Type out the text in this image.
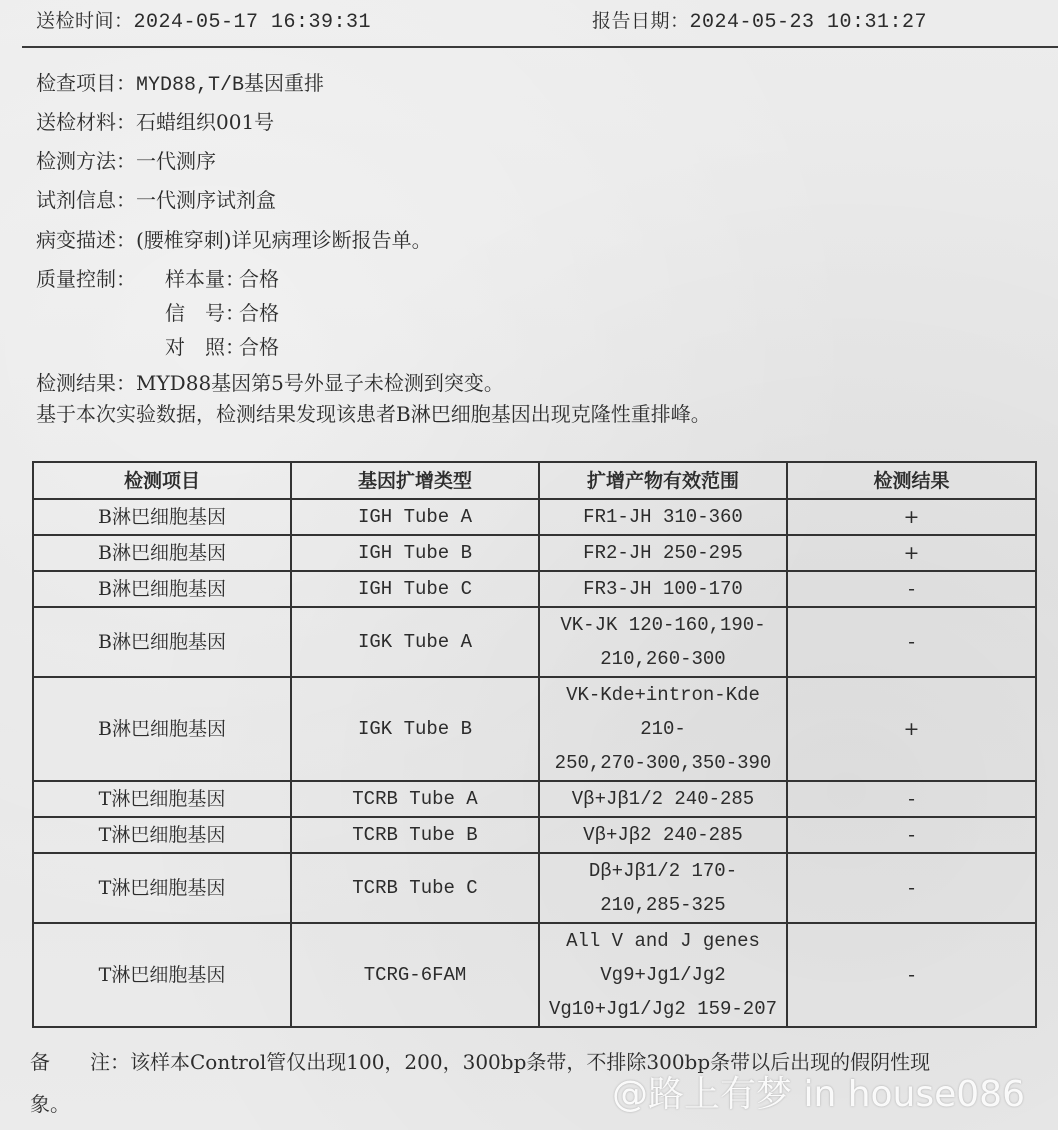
送检时间：2024-05-17 16:39:31	报告日期：2024-05-23 10:31:27
检查项目：MYD88,T/B基因重排
送检材料：石蜡组织001号
检测方法：一代测序
试剂信息：一代测序试剂盒
病变描述：(腰椎穿刺)详见病理诊断报告单。
质量控制： 样本量：合格
信　号：合格
对　照：合格
检测结果：MYD88基因第5号外显子未检测到突变。
基于本次实验数据，检测结果发现该患者B淋巴细胞基因出现克隆性重排峰。
检测项目	基因扩增类型	扩增产物有效范围	检测结果
B淋巴细胞基因	IGH Tube A	FR1-JH 310-360	+
B淋巴细胞基因	IGH Tube B	FR2-JH 250-295	+
B淋巴细胞基因	IGH Tube C	FR3-JH 100-170	-
B淋巴细胞基因	IGK Tube A	VK-JK 120-160,190-
210,260-300	-
B淋巴细胞基因	IGK Tube B	VK-Kde+intron-Kde 210-
250,270-300,350-390	+
T淋巴细胞基因	TCRB Tube A	Vβ+Jβ1/2 240-285	-
T淋巴细胞基因	TCRB Tube B	Vβ+Jβ2 240-285	-
T淋巴细胞基因	TCRB Tube C	Dβ+Jβ1/2 170-
210,285-325	-
T淋巴细胞基因	TCRG-6FAM	All V and J genes
Vg9+Jg1/Jg2
Vg10+Jg1/Jg2 159-207	-
备　　注：该样本Control管仅出现100，200，300bp条带，不排除300bp条带以后出现的假阴性现
象。	@路上有梦 in house086
